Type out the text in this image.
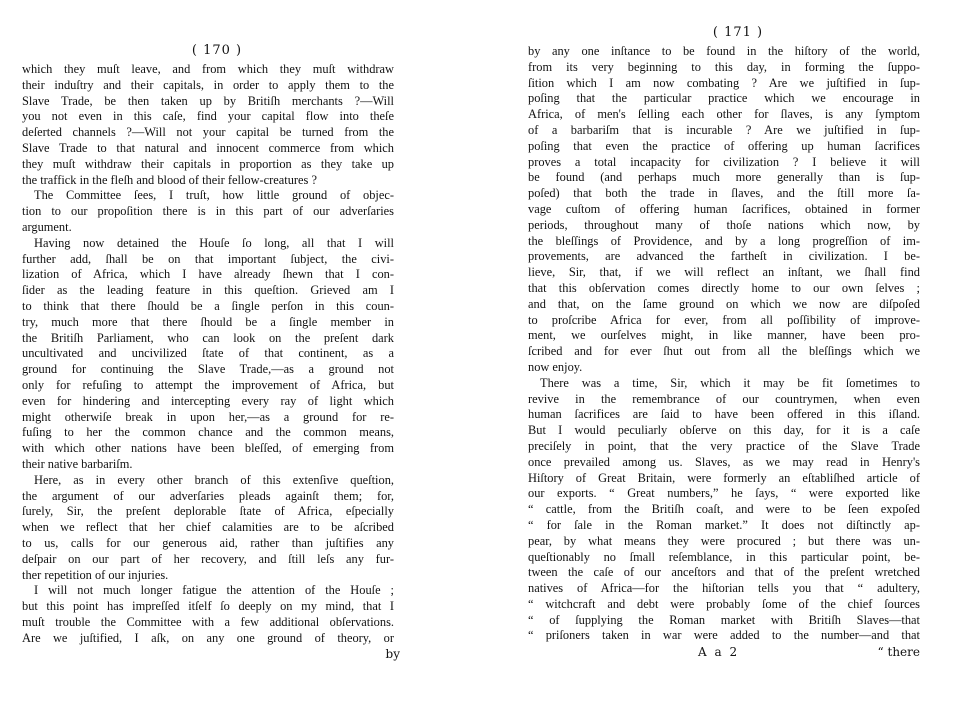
( 170 )
which they muſt leave, and from which they muſt withdraw
their induſtry and their capitals, in order to apply them to the
Slave Trade, be then taken up by Britiſh merchants ?—Will
you not even in this caſe, find your capital flow into theſe
deſerted channels ?—Will not your capital be turned from the
Slave Trade to that natural and innocent commerce from which
they muſt withdraw their capitals in proportion as they take up
the traffick in the fleſh and blood of their fellow-creatures ?
The Committee ſees, I truſt, how little ground of objec-
tion to our propoſition there is in this part of our adverſaries
argument.
Having now detained the Houſe ſo long, all that I will
further add, ſhall be on that important ſubject, the civi-
lization of Africa, which I have already ſhewn that I con-
ſider as the leading feature in this queſtion. Grieved am I
to think that there ſhould be a ſingle perſon in this coun-
try, much more that there ſhould be a ſingle member in
the Britiſh Parliament, who can look on the preſent dark
uncultivated and uncivilized ſtate of that continent, as a
ground for continuing the Slave Trade,—as a ground not
only for refuſing to attempt the improvement of Africa, but
even for hindering and intercepting every ray of light which
might otherwiſe break in upon her,—as a ground for re-
fuſing to her the common chance and the common means,
with which other nations have been bleſſed, of emerging from
their native barbariſm.
Here, as in every other branch of this extenſive queſtion,
the argument of our adverſaries pleads againſt them; for,
ſurely, Sir, the preſent deplorable ſtate of Africa, eſpecially
when we reflect that her chief calamities are to be aſcribed
to us, calls for our generous aid, rather than juſtifies any
deſpair on our part of her recovery, and ſtill leſs any fur-
ther repetition of our injuries.
I will not much longer fatigue the attention of the Houſe ;
but this point has impreſſed itſelf ſo deeply on my mind, that I
muſt trouble the Committee with a few additional obſervations.
Are we juſtified, I aſk, on any one ground of theory, or
by
( 171 )
by any one inſtance to be found in the hiſtory of the world,
from its very beginning to this day, in forming the ſuppo-
ſition which I am now combating ? Are we juſtified in ſup-
poſing that the particular practice which we encourage in
Africa, of men's ſelling each other for ſlaves, is any ſymptom
of a barbariſm that is incurable ? Are we juſtified in ſup-
poſing that even the practice of offering up human ſacrifices
proves a total incapacity for civilization ? I believe it will
be found (and perhaps much more generally than is ſup-
poſed) that both the trade in ſlaves, and the ſtill more ſa-
vage cuſtom of offering human ſacrifices, obtained in former
periods, throughout many of thoſe nations which now, by
the bleſſings of Providence, and by a long progreſſion of im-
provements, are advanced the fartheſt in civilization. I be-
lieve, Sir, that, if we will reflect an inſtant, we ſhall find
that this obſervation comes directly home to our own ſelves ;
and that, on the ſame ground on which we now are diſpoſed
to proſcribe Africa for ever, from all poſſibility of improve-
ment, we ourſelves might, in like manner, have been pro-
ſcribed and for ever ſhut out from all the bleſſings which we
now enjoy.
There was a time, Sir, which it may be fit ſometimes to
revive in the remembrance of our countrymen, when even
human ſacrifices are ſaid to have been offered in this iſland.
But I would peculiarly obſerve on this day, for it is a caſe
preciſely in point, that the very practice of the Slave Trade
once prevailed among us. Slaves, as we may read in Henry's
Hiſtory of Great Britain, were formerly an eſtabliſhed article of
our exports. “ Great numbers,” he ſays, “ were exported like
“ cattle, from the Britiſh coaſt, and were to be ſeen expoſed
“ for ſale in the Roman market.” It does not diſtinctly ap-
pear, by what means they were procured ; but there was un-
queſtionably no ſmall reſemblance, in this particular point, be-
tween the caſe of our anceſtors and that of the preſent wretched
natives of Africa—for the hiſtorian tells you that “ adultery,
“ witchcraft and debt were probably ſome of the chief ſources
“ of ſupplying the Roman market with Britiſh Slaves—that
“ priſoners taken in war were added to the number—and that
A a 2	“ there
